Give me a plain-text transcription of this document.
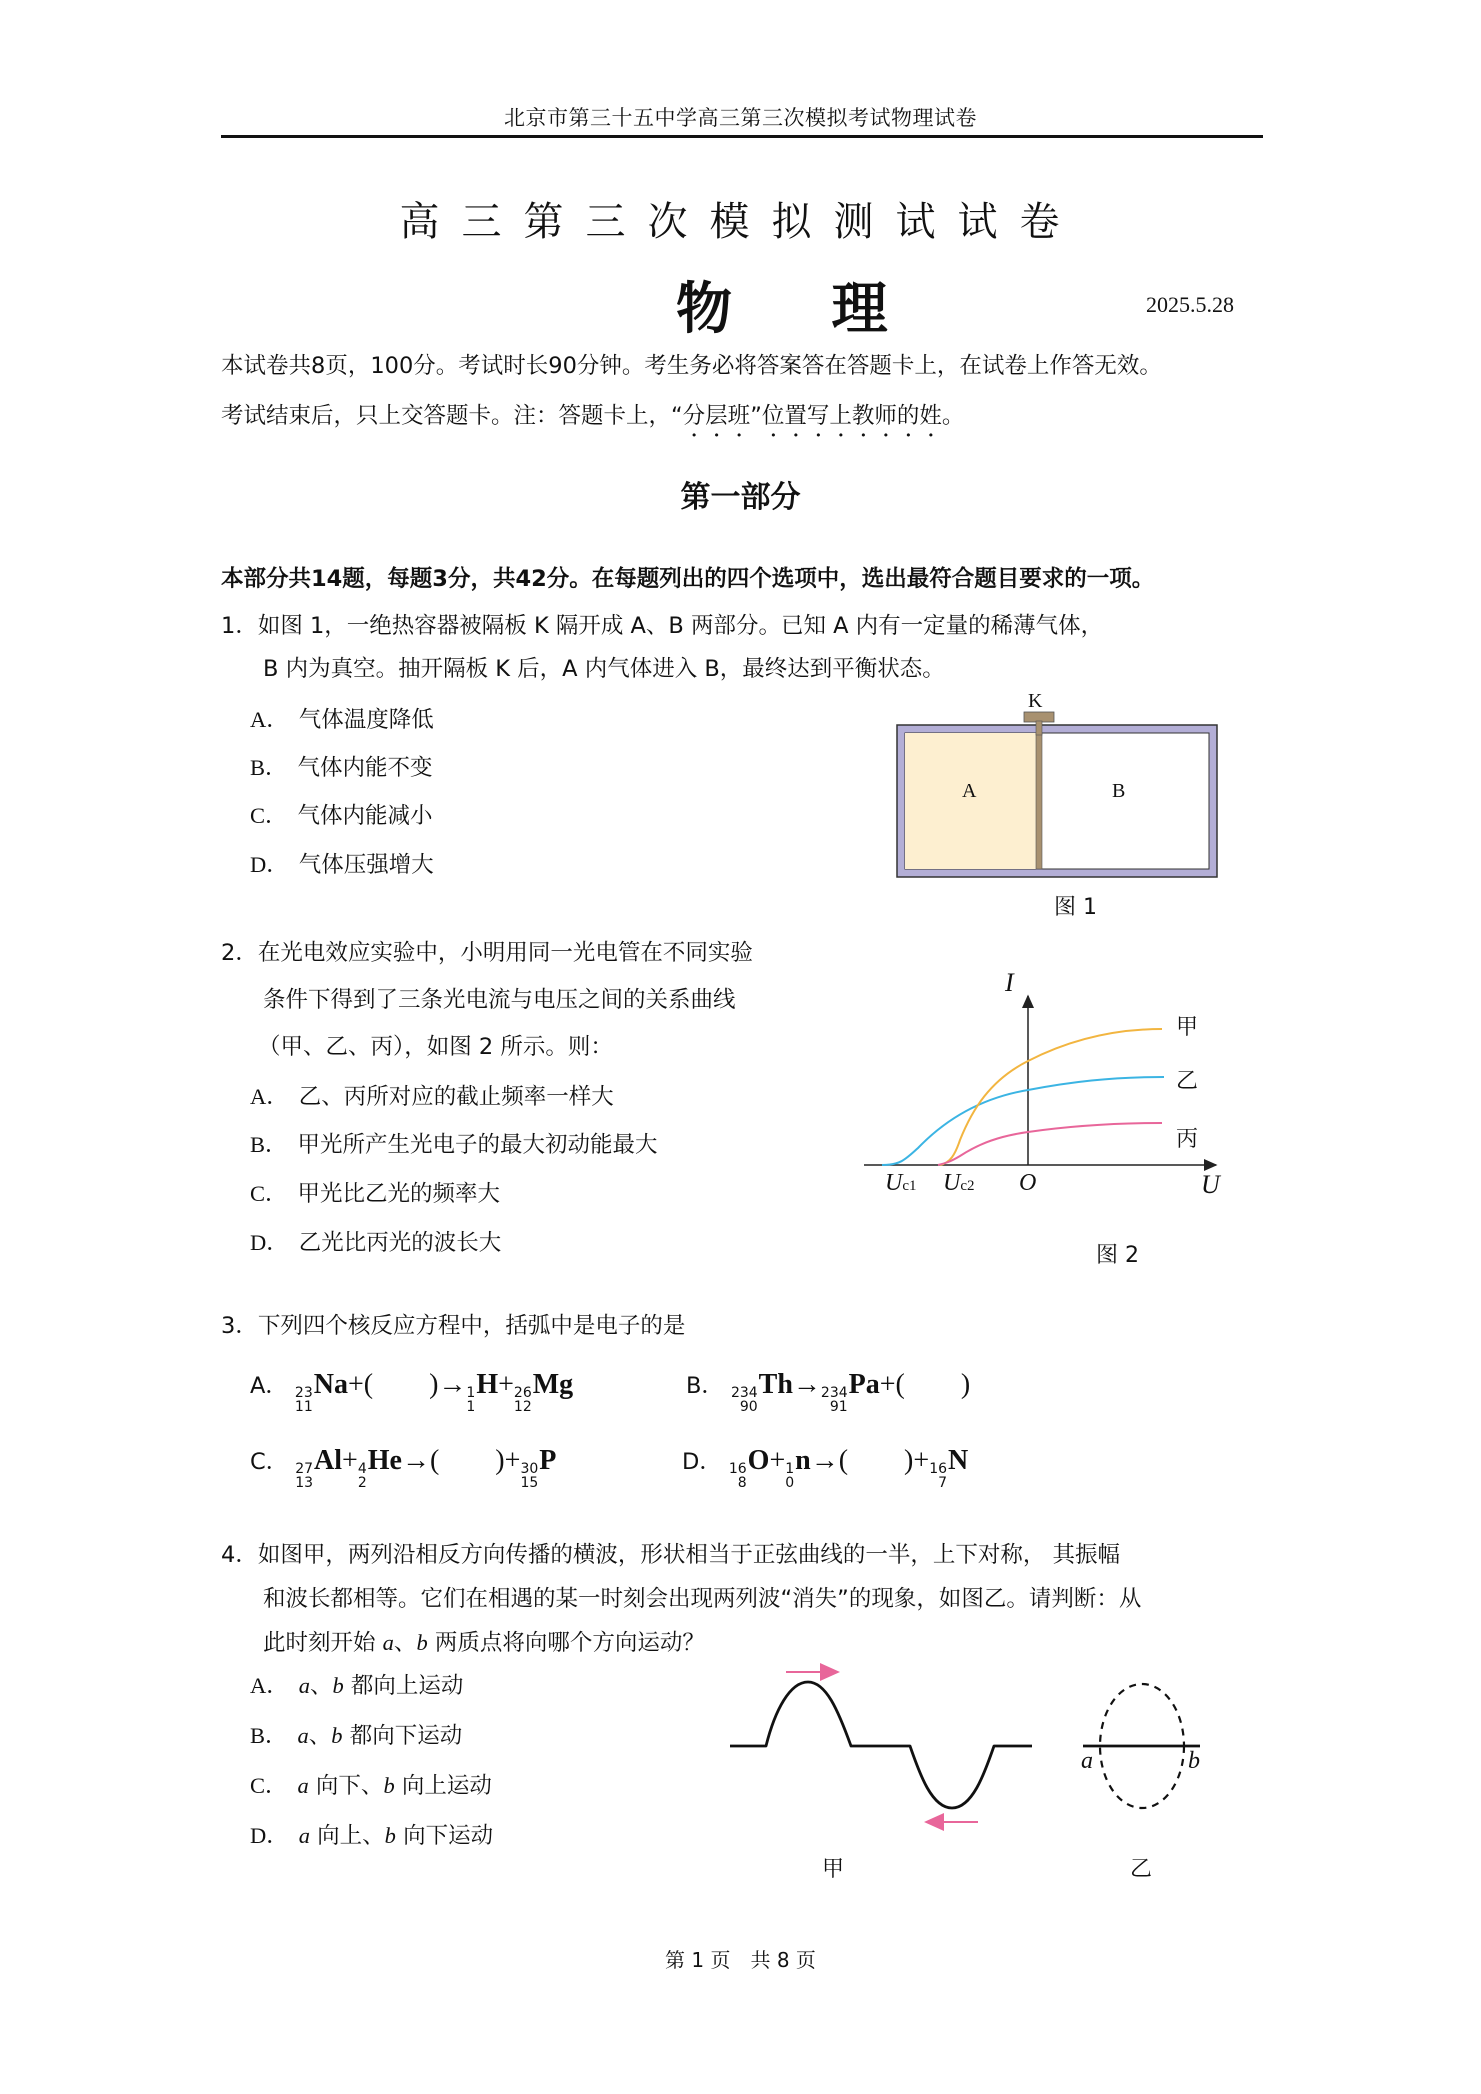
北京市第三十五中学高三第三次模拟考试物理试卷
高三第三次模拟测试试卷
物 理	2025.5.28
本试卷共8页，100分。考试时长90分钟。考生务必将答案答在答题卡上，在试卷上作答无效。
考试结束后，只上交答题卡。注：答题卡上，“分层班”位置写上教师的姓。
第一部分
本部分共14题，每题3分，共42分。在每题列出的四个选项中，选出最符合题目要求的一项。
1．如图 1，一绝热容器被隔板 K 隔开成 A、B 两部分。已知 A 内有一定量的稀薄气体，
B 内为真空。抽开隔板 K 后，A 内气体进入 B，最终达到平衡状态。
A． 气体温度降低
B． 气体内能不变
C． 气体内能减小
D． 气体压强增大
K
A	B
图 1
2．在光电效应实验中，小明用同一光电管在不同实验
条件下得到了三条光电流与电压之间的关系曲线
（甲、乙、丙），如图 2 所示。则：
A． 乙、丙所对应的截止频率一样大
B． 甲光所产生光电子的最大初动能最大
C． 甲光比乙光的频率大
D． 乙光比丙光的波长大
I
U
O
Uc1 Uc2
甲
乙
丙
图 2
3．下列四个核反应方程中，括弧中是电子的是
A． 23
11
Na+(　　)→ 1
1
H+ 26
12
Mg	B． 234
90
Th→ 234
91
Pa+(　　)
C． 27
13
Al+ 4
2
He→(　　)+ 30
15
P	D． 16
8
O+ 1
0
n→(　　)+ 16
7
N
4．如图甲，两列沿相反方向传播的横波，形状相当于正弦曲线的一半，上下对称， 其振幅
和波长都相等。它们在相遇的某一时刻会出现两列波“消失”的现象，如图乙。请判断：从
此时刻开始 a、b 两质点将向哪个方向运动？
A． a、b 都向上运动
B． a、b 都向下运动
C． a 向下、b 向上运动
D． a 向上、b 向下运动
甲
a	b
乙
第 1 页　共 8 页
